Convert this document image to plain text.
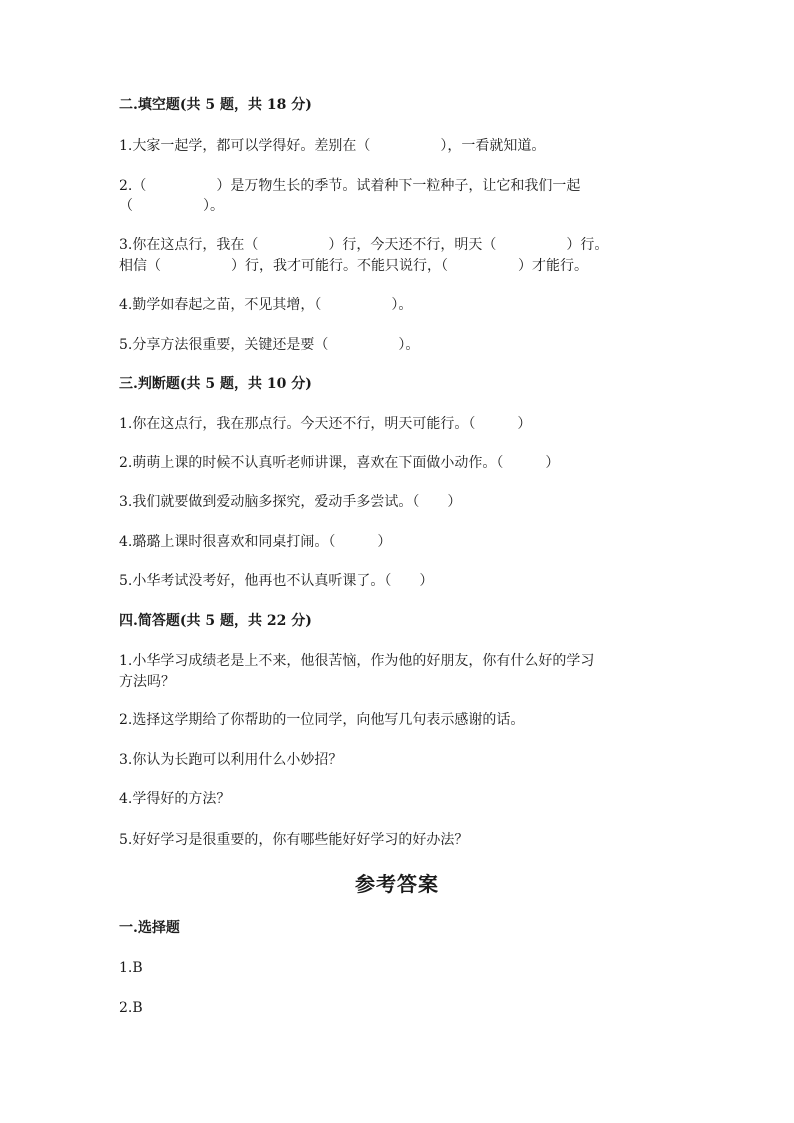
二.填空题(共 5 题，共 18 分)
1.大家一起学，都可以学得好。差别在（　　　　　），一看就知道。
2.（　　　　　）是万物生长的季节。试着种下一粒种子，让它和我们一起
（　　　　　）。
3.你在这点行，我在（　　　　　）行，今天还不行，明天（　　　　　）行。
相信（　　　　　）行，我才可能行。不能只说行，（　　　　　）才能行。
4.勤学如春起之苗，不见其增，（　　　　　）。
5.分享方法很重要，关键还是要（　　　　　）。
三.判断题(共 5 题，共 10 分)
1.你在这点行，我在那点行。今天还不行，明天可能行。（　　　）
2.萌萌上课的时候不认真听老师讲课，喜欢在下面做小动作。（　　　）
3.我们就要做到爱动脑多探究，爱动手多尝试。（　　）
4.璐璐上课时很喜欢和同桌打闹。（　　　）
5.小华考试没考好，他再也不认真听课了。（　　）
四.简答题(共 5 题，共 22 分)
1.小华学习成绩老是上不来，他很苦恼，作为他的好朋友，你有什么好的学习
方法吗？
2.选择这学期给了你帮助的一位同学，向他写几句表示感谢的话。
3.你认为长跑可以利用什么小妙招？
4.学得好的方法？
5.好好学习是很重要的，你有哪些能好好学习的好办法？
参考答案
一.选择题
1.B
2.B
